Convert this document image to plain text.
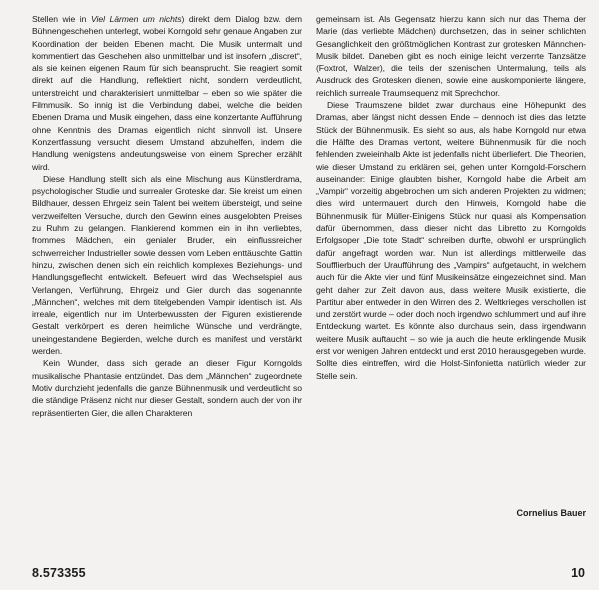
Stellen wie in Viel Lärmen um nichts) direkt dem Dialog bzw. dem Bühnengeschehen unterlegt, wobei Korngold sehr genaue Angaben zur Koordination der beiden Ebenen macht. Die Musik untermalt und kommentiert das Geschehen also unmittelbar und ist insofern „discret“, als sie keinen eigenen Raum für sich beansprucht. Sie reagiert somit direkt auf die Handlung, reflektiert nicht, sondern verdeutlicht, unterstreicht und charakterisiert unmittelbar – eben so wie später die Filmmusik. So innig ist die Verbindung dabei, welche die beiden Ebenen Drama und Musik eingehen, dass eine konzertante Aufführung ohne Kenntnis des Dramas eigentlich nicht sinnvoll ist. Unsere Konzertfassung versucht diesem Umstand abzuhelfen, indem die Handlung wenigstens andeutungsweise von einem Sprecher erzählt wird.

Diese Handlung stellt sich als eine Mischung aus Künstlerdrama, psychologischer Studie und surrealer Groteske dar. Sie kreist um einen Bildhauer, dessen Ehrgeiz sein Talent bei weitem übersteigt, und seine verzweifelten Versuche, durch den Gewinn eines ausgelobten Preises zu Ruhm zu gelangen. Flankierend kommen ein in ihn verliebtes, frommes Mädchen, ein genialer Bruder, ein einflussreicher schwerreicher Industrieller sowie dessen vom Leben enttäuschte Gattin hinzu, zwischen denen sich ein reichlich komplexes Beziehungs- und Handlungsgeflecht entwickelt. Befeuert wird das Wechselspiel aus Verlangen, Verführung, Ehrgeiz und Gier durch das sogenannte „Männchen“, welches mit dem titelgebenden Vampir identisch ist. Als irreale, eigentlich nur im Unterbewussten der Figuren existierende Gestalt verkörpert es deren heimliche Wünsche und verdrängte, uneingestandene Begierden, welche durch es manifest und verstärkt werden.

Kein Wunder, dass sich gerade an dieser Figur Korngolds musikalische Phantasie entzündet. Das dem „Männchen“ zugeordnete Motiv durchzieht jedenfalls die ganze Bühnenmusik und verdeutlicht so die ständige Präsenz nicht nur dieser Gestalt, sondern auch der von ihr repräsentierten Gier, die allen Charakteren

gemeinsam ist. Als Gegensatz hierzu kann sich nur das Thema der Marie (das verliebte Mädchen) durchsetzen, das in seiner schlichten Gesanglichkeit den größtmöglichen Kontrast zur grotesken Männchen-Musik bildet. Daneben gibt es noch einige leicht verzerrte Tanzsätze (Foxtrot, Walzer), die teils der szenischen Untermalung, teils als Ausdruck des Grotesken dienen, sowie eine auskomponierte längere, reichlich surreale Traumsequenz mit Sprechchor.

Diese Traumszene bildet zwar durchaus eine Höhepunkt des Dramas, aber längst nicht dessen Ende – dennoch ist dies das letzte Stück der Bühnenmusik. Es sieht so aus, als habe Korngold nur etwa die Hälfte des Dramas vertont, weitere Bühnenmusik für die noch fehlenden zweieinhalb Akte ist jedenfalls nicht überliefert. Die Theorien, wie dieser Umstand zu erklären sei, gehen unter Korngold-Forschern auseinander: Einige glaubten bisher, Korngold habe die Arbeit am „Vampir“ vorzeitig abgebrochen um sich anderen Projekten zu widmen; dies wird untermauert durch den Hinweis, Korngold habe die Bühnenmusik für Müller-Einigens Stück nur quasi als Kompensation dafür übernommen, dass dieser nicht das Libretto zu Korngolds Erfolgsoper „Die tote Stadt“ schreiben durfte, obwohl er ursprünglich dafür angefragt worden war. Nun ist allerdings mittlerweile das Soufflierbuch der Uraufführung des „Vampirs“ aufgetaucht, in welchem auch für die Akte vier und fünf Musikeinsätze eingezeichnet sind. Man geht daher zur Zeit davon aus, dass weitere Musik existierte, die Partitur aber entweder in den Wirren des 2. Weltkrieges verschollen ist und zerstört wurde – oder doch noch irgendwo schlummert und auf ihre Entdeckung wartet. Es könnte also durchaus sein, dass irgendwann weitere Musik auftaucht – so wie ja auch die heute erklingende Musik erst vor wenigen Jahren entdeckt und erst 2010 herausgegeben wurde. Sollte dies eintreffen, wird die Holst-Sinfonietta natürlich wieder zur Stelle sein.

Cornelius Bauer
8.573355	10
